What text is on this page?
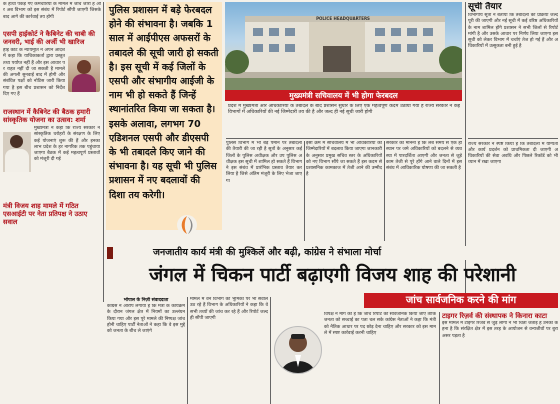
के हाथों पकड़े गए कर्मचारियों के मामले में जांच जारी है और अब विभाग को इस संबंध में रिपोर्ट सौंपी जाएगी जिसके बाद आगे की कार्रवाई तय होगी
एसपी हाईकोर्ट ने कैबिनेट की चाबी की जनवरी, भाई की अर्जी भी खारिज
हाई कोर्ट के न्यायमूर्ति ने अपने आदेश में कहा कि याचिकाकर्ता द्वारा प्रस्तुत तथ्य पर्याप्त नहीं हैं और इस आधार पर राहत नहीं दी जा सकती है मामले की अगली सुनवाई बाद में होगी और संबंधित पक्षों को नोटिस जारी किया गया है इस बीच प्रशासन को निर्देश दिए गए हैं
राजस्थान में कैबिनेट की बैठक हमारी सांस्कृतिक योजना का उत्सव: शर्मा
मुख्यमंत्री ने कहा कि राज्य सरकार ने सांस्कृतिक धरोहरों के संरक्षण के लिए कई योजनाएं शुरू की हैं और इनका लाभ प्रदेश के हर नागरिक तक पहुंचाया जाएगा बैठक में कई महत्वपूर्ण प्रस्तावों को मंजूरी दी गई
मंत्री विजय शाह मामले में गठित एसआईटी पर नेता प्रतिपक्ष ने उठाए सवाल
पुलिस प्रशासन में बड़े फेरबदल होने की संभावना है। जबकि 1 साल में आईपीएस अफसरों के तबादले की सूची जारी हो सकती है। इस सूची में कई जिलों के एसपी और संभागीय आईजी के नाम भी हो सकते हैं जिन्हें स्थानांतरित किया जा सकता है। इसके अलावा, लगभग 70 एडिशनल एसपी और डीएसपी के भी तबादले किए जाने की संभावना है। यह सूची भी पुलिस प्रशासन में नए बदलावों की दिशा तय करेगी।
POLICE HEADQUARTERS
मुख्यमंत्री सचिवालय में भी होगा फेरबदल
प्रदेश में मुख्यमंत्री और अधिकारियों के तबादले के बाद प्रशासन सुधार के लिए एक महत्वपूर्ण कदम उठाया गया है राज्य सरकार ने कई विभागों में अधिकारियों की नई जिम्मेदारी तय की है और जल्द ही नई सूची जारी होगी
पुलिस विभाग में भी बड़े पैमाने पर तबादलों की तैयारी की जा रही है सूत्रों के अनुसार कई जिलों के पुलिस अधीक्षक और उप पुलिस अधीक्षक इस सूची में शामिल हो सकते हैं विभाग ने इस संबंध में प्रारंभिक प्रस्ताव तैयार कर लिया है जिसे अंतिम मंजूरी के लिए भेजा जाएगा
इसी क्रम में सचिवालय में भी अधिकारियों की जिम्मेदारियों में बदलाव किया जाएगा जानकारी के अनुसार प्रमुख सचिव स्तर के अधिकारियों को नए विभाग सौंपे जा सकते हैं इस कदम से प्रशासनिक कामकाज में तेजी आने की उम्मीद है
सरकार का मानना है कि लंबे समय से एक ही स्थान पर जमे अधिकारियों को बदलने से व्यवस्था में पारदर्शिता आएगी और जनता से जुड़े काम तेजी से पूरे होंगे आने वाले दिनों में इस संबंध में आधिकारिक घोषणा की जा सकती है
सूची तैयार
विभागीय सूत्रों ने बताया कि तबादलों की प्रक्रिया जल्द पूरी की जाएगी और नई सूची में कई वरिष्ठ अधिकारियों के नाम शामिल होंगे प्रशासन ने सभी जिलों से रिपोर्ट मांगी है और उसके आधार पर निर्णय लिया जाएगा इस सूची को लेकर विभाग में चर्चाएं तेज हो गई हैं और अधिकारियों में उत्सुकता बनी हुई है
राज्य सरकार ने स्पष्ट किया है कि तबादलों में योग्यता और कार्य प्रदर्शन को प्राथमिकता दी जाएगी अधिकारियों की सेवा अवधि और पिछले रिकॉर्ड को भी ध्यान में रखा जाएगा
जनजातीय कार्य मंत्री की मुश्किलें और बढ़ी, कांग्रेस ने संभाला मोर्चा
जंगल में चिकन पार्टी बढ़ाएगी विजय शाह की परेशानी
जांच सार्वजनिक करने की मांग
भोपाल के निज़ी संवाददाता
कांग्रेस ने आरोप लगाया है कि मंत्री के कार्यक्रम के दौरान जंगल क्षेत्र में नियमों का उल्लंघन किया गया और इस पूरे मामले की निष्पक्ष जांच होनी चाहिए पार्टी नेताओं ने कहा कि वे इस मुद्दे को जनता के बीच ले जाएंगे
मामले में वन विभाग की भूमिका पर भी सवाल उठ रहे हैं विभाग के अधिकारियों ने कहा कि वे सभी तथ्यों की जांच कर रहे हैं और रिपोर्ट जल्द ही सौंपी जाएगी
विपक्ष ने मांग की है कि जांच रिपोर्ट को सार्वजनिक किया जाए ताकि जनता को सच्चाई का पता चल सके कांग्रेस नेताओं ने कहा कि मंत्री को नैतिक आधार पर पद छोड़ देना चाहिए और सरकार को इस मामले में स्पष्ट कार्रवाई करनी चाहिए
टाइगर रिज़र्व की संस्थापक ने किनारा काटा
इस मामले में टाइगर रिजर्व से जुड़े लोगों ने भी चिंता जताई है उनका कहना है कि संरक्षित क्षेत्र में इस तरह के आयोजन से वन्यजीवों पर बुरा असर पड़ता है
